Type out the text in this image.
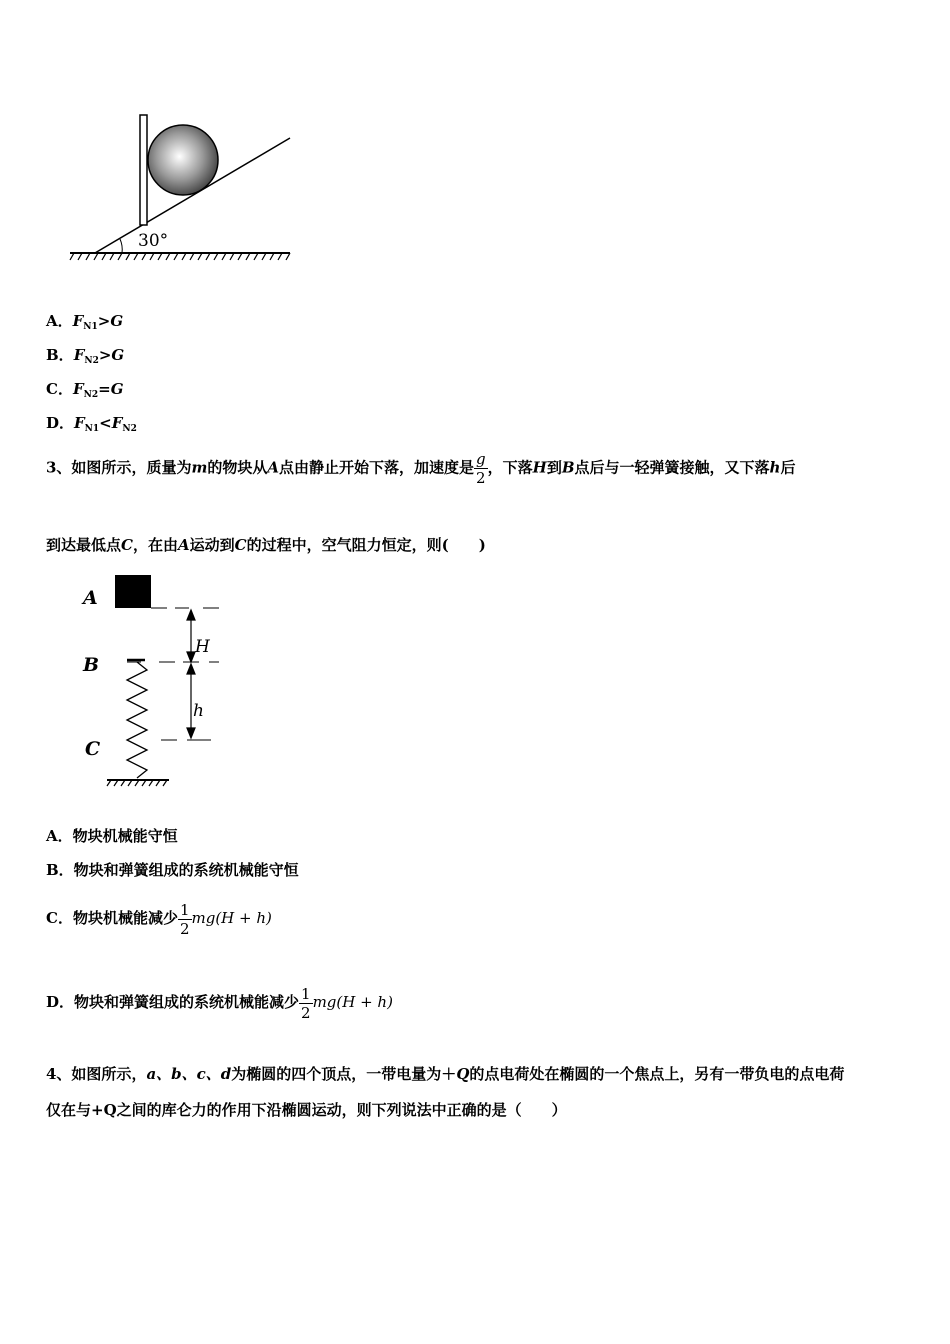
30°
A．$F_{N1}>G$
B．$F_{N2}>G$
C．$F_{N2}=G$
D．$F_{N1}<F_{N2}$
3、如图所示，质量为m的物块从A点由静止开始下落，加速度是 $\frac{g}{2}$ ，下落H到B点后与一轻弹簧接触，又下落h后
到达最低点C，在由A运动到C的过程中，空气阻力恒定，则(　　)
A
B
C
H
h
A．物块机械能守恒
B．物块和弹簧组成的系统机械能守恒
C．物块机械能减少 $\frac{1}{2} mg(H + h)$
D．物块和弹簧组成的系统机械能减少 $\frac{1}{2} mg(H + h)$
4、如图所示，a、b、c、d为椭圆的四个顶点，一带电量为＋Q的点电荷处在椭圆的一个焦点上，另有一带负电的点电荷
仅在与+Q之间的库仑力的作用下沿椭圆运动，则下列说法中正确的是（　　）
